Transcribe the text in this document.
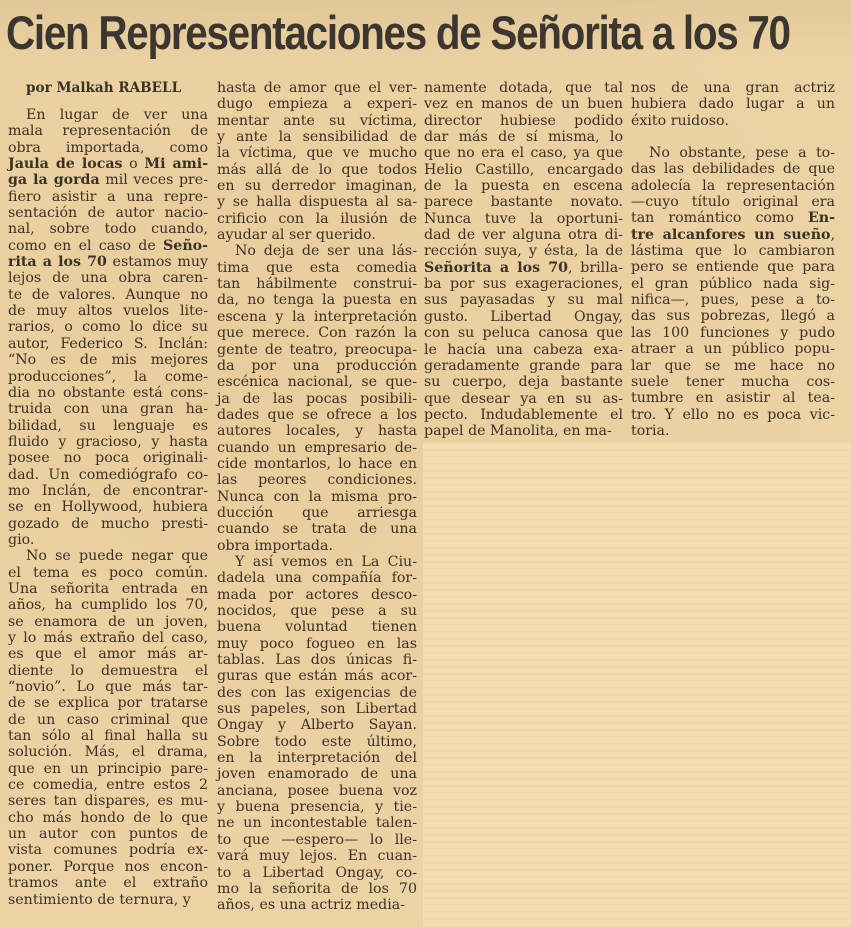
Cien Representaciones de Señorita a los 70
por Malkah RABELL

En lugar de ver una
mala representación de
obra importada, como
Jaula de locas o Mi ami-
ga la gorda mil veces pre-
fiero asistir a una repre-
sentación de autor nacio-
nal, sobre todo cuando,
como en el caso de Seño-
rita a los 70 estamos muy
lejos de una obra caren-
te de valores. Aunque no
de muy altos vuelos lite-
rarios, o como lo dice su
autor, Federico S. Inclán:
“No es de mis mejores
producciones”, la come-
dia no obstante está cons-
truida con una gran ha-
bilidad, su lenguaje es
fluido y gracioso, y hasta
posee no poca originali-
dad. Un comediógrafo co-
mo Inclán, de encontrar-
se en Hollywood, hubiera
gozado de mucho presti-
gio.

No se puede negar que
el tema es poco común.
Una señorita entrada en
años, ha cumplido los 70,
se enamora de un joven,
y lo más extraño del caso,
es que el amor más ar-
diente lo demuestra el
“novio”. Lo que más tar-
de se explica por tratarse
de un caso criminal que
tan sólo al final halla su
solución. Más, el drama,
que en un principio pare-
ce comedia, entre estos 2
seres tan dispares, es mu-
cho más hondo de lo que
un autor con puntos de
vista comunes podría ex-
poner. Porque nos encon-
tramos ante el extraño
sentimiento de ternura, y

hasta de amor que el ver-
dugo empieza a experi-
mentar ante su víctima,
y ante la sensibilidad de
la víctima, que ve mucho
más allá de lo que todos
en su derredor imaginan,
y se halla dispuesta al sa-
crificio con la ilusión de
ayudar al ser querido.

No deja de ser una lás-
tima que esta comedia
tan hábilmente construi-
da, no tenga la puesta en
escena y la interpretación
que merece. Con razón la
gente de teatro, preocupa-
da por una producción
escénica nacional, se que-
ja de las pocas posibili-
dades que se ofrece a los
autores locales, y hasta
cuando un empresario de-
cide montarlos, lo hace en
las peores condiciones.
Nunca con la misma pro-
ducción que arriesga
cuando se trata de una
obra importada.

Y así vemos en La Ciu-
dadela una compañía for-
mada por actores desco-
nocidos, que pese a su
buena voluntad tienen
muy poco fogueo en las
tablas. Las dos únicas fi-
guras que están más acor-
des con las exigencias de
sus papeles, son Libertad
Ongay y Alberto Sayan.
Sobre todo este último,
en la interpretación del
joven enamorado de una
anciana, posee buena voz
y buena presencia, y tie-
ne un incontestable talen-
to que —espero— lo lle-
vará muy lejos. En cuan-
to a Libertad Ongay, co-
mo la señorita de los 70
años, es una actriz media-

namente dotada, que tal
vez en manos de un buen
director hubiese podido
dar más de sí misma, lo
que no era el caso, ya que
Helio Castillo, encargado
de la puesta en escena
parece bastante novato.
Nunca tuve la oportuni-
dad de ver alguna otra di-
rección suya, y ésta, la de
Señorita a los 70, brilla-
ba por sus exageraciones,
sus payasadas y su mal
gusto. Libertad Ongay,
con su peluca canosa que
le hacía una cabeza exa-
geradamente grande para
su cuerpo, deja bastante
que desear ya en su as-
pecto. Indudablemente el
papel de Manolita, en ma-

nos de una gran actriz
hubiera dado lugar a un
éxito ruidoso.

No obstante, pese a to-
das las debilidades de que
adolecía la representación
—cuyo título original era
tan romántico como En-
tre alcanfores un sueño,
lástima que lo cambiaron
pero se entiende que para
el gran público nada sig-
nifica—, pues, pese a to-
das sus pobrezas, llegó a
las 100 funciones y pudo
atraer a un público popu-
lar que se me hace no
suele tener mucha cos-
tumbre en asistir al tea-
tro. Y ello no es poca vic-
toria.
